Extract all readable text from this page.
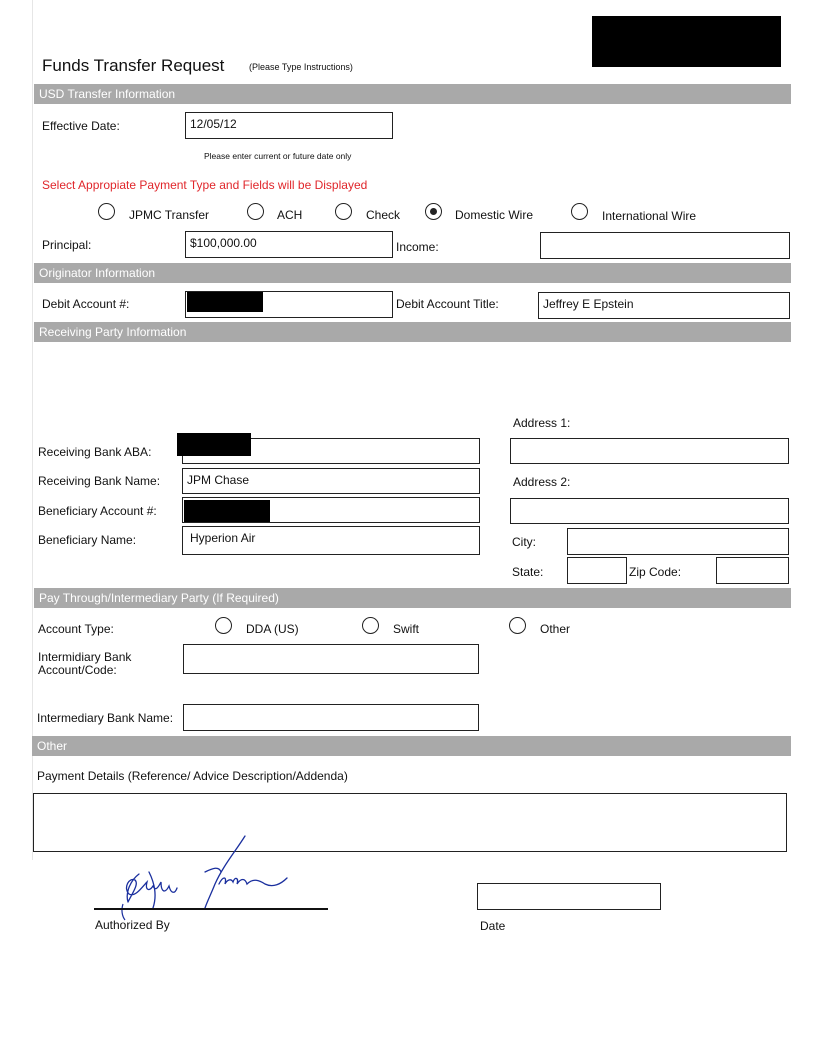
Funds Transfer Request	(Please Type Instructions)
USD Transfer Information
Effective Date:	12/05/12
Please enter current or future date only
Select Appropiate Payment Type and Fields will be Displayed
JPMC Transfer	ACH	Check	Domestic Wire	International Wire
Principal:	$100,000.00	Income:
Originator Information
Debit Account #:	Debit Account Title:	Jeffrey E Epstein
Receiving Party Information
Address 1:
Receiving Bank ABA:
Receiving Bank Name:	JPM Chase	Address 2:
Beneficiary Account #:
Beneficiary Name:	Hyperion Air	City:
State:	Zip Code:
Pay Through/Intermediary Party (If Required)
Account Type:	DDA (US)	Swift	Other
Intermidiary Bank
Account/Code:
Intermediary Bank Name:
Other
Payment Details (Reference/ Advice Description/Addenda)
Authorized By	Date
